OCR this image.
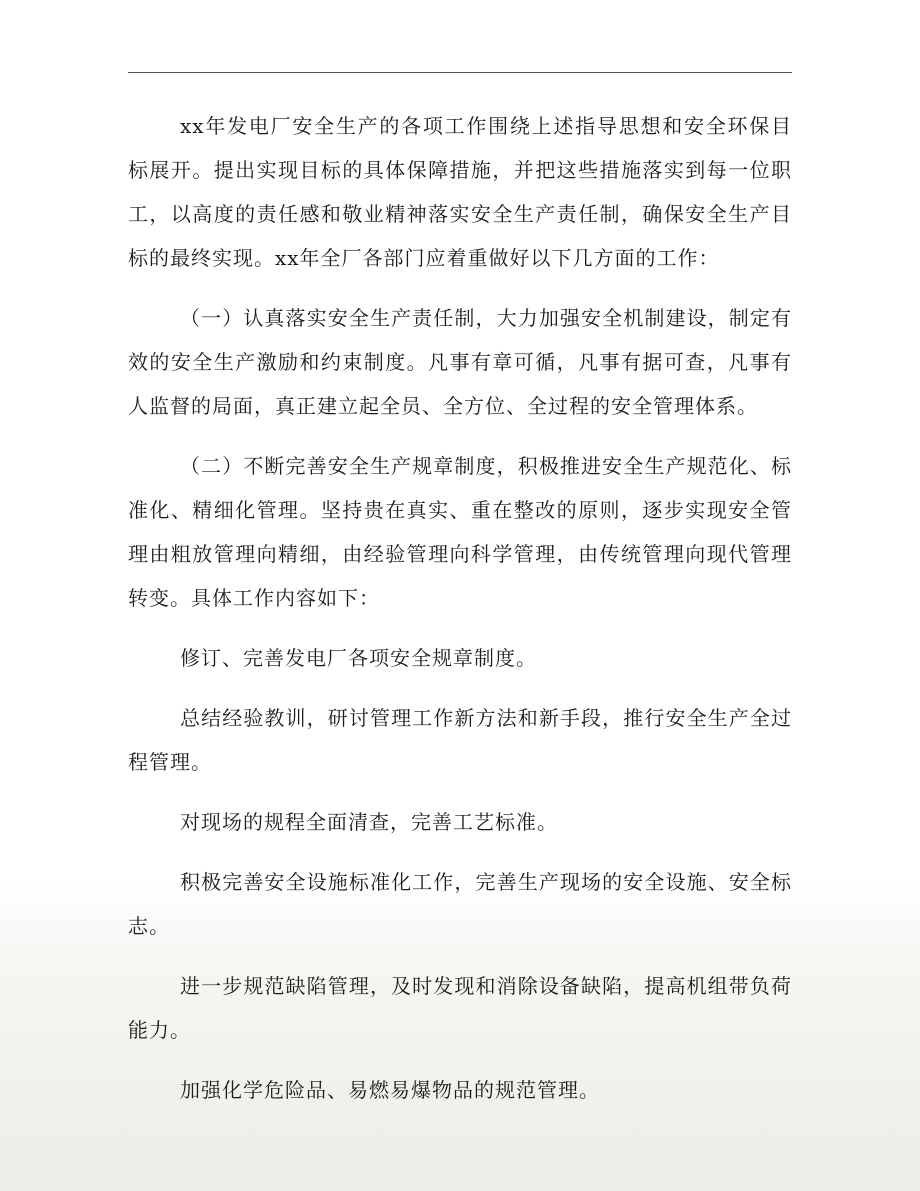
xx年发电厂安全生产的各项工作围绕上述指导思想和安全环保目标展开。提出实现目标的具体保障措施，并把这些措施落实到每一位职工，以高度的责任感和敬业精神落实安全生产责任制，确保安全生产目标的最终实现。xx年全厂各部门应着重做好以下几方面的工作：

（一）认真落实安全生产责任制，大力加强安全机制建设，制定有效的安全生产激励和约束制度。凡事有章可循，凡事有据可查，凡事有人监督的局面，真正建立起全员、全方位、全过程的安全管理体系。

（二）不断完善安全生产规章制度，积极推进安全生产规范化、标准化、精细化管理。坚持贵在真实、重在整改的原则，逐步实现安全管理由粗放管理向精细，由经验管理向科学管理，由传统管理向现代管理转变。具体工作内容如下：

修订、完善发电厂各项安全规章制度。

总结经验教训，研讨管理工作新方法和新手段，推行安全生产全过程管理。

对现场的规程全面清查，完善工艺标准。

积极完善安全设施标准化工作，完善生产现场的安全设施、安全标志。

进一步规范缺陷管理，及时发现和消除设备缺陷，提高机组带负荷能力。

加强化学危险品、易燃易爆物品的规范管理。
